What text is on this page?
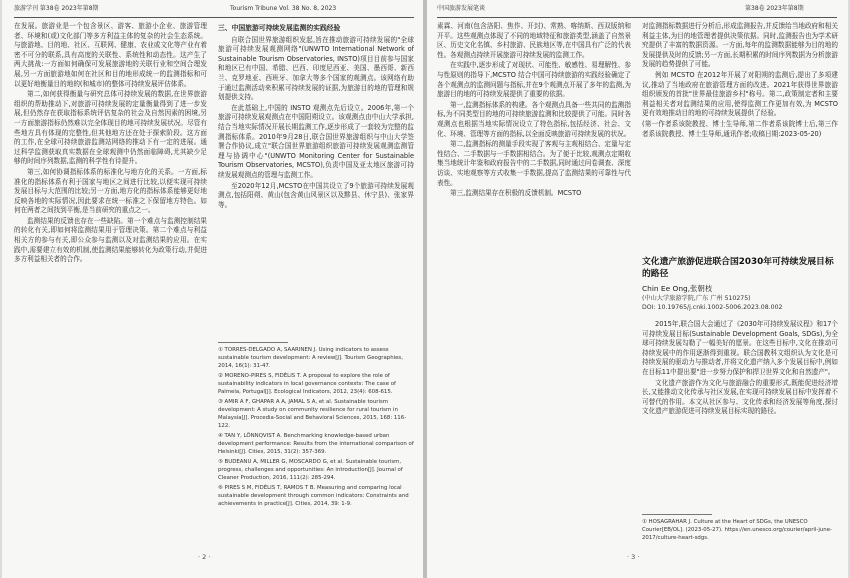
旅游学刊 第38卷 2023年第8期	Tourism Tribune Vol. 38 No. 8, 2023

在发展。旅游业是一个包含景区、游客、旅游小企业、旅游管理者、环境和(或)文化部门等多方利益主体的复杂的社会生态系统。与旅游地、目的地、社区、互联网、健康、农业或文化等产业有着密不可分的联系,具有高度的关联性、系统性和动态性。这产生了两大挑战:一方面如何确保可发展旅游地的关联行业和空间合理发展,另一方面旅游地如何在社区和目的地形成统一的监测指标和可以更好地衡量目的地的(和城市)的整体可持续发展评估体系。

第二,如何获得衡量与研究总体可持续发展的数据,在世界旅游组织的帮助推动下,对旅游可持续发展的定量衡量得到了进一步发展,但仍然存在获取指标系统评估复杂的社会及自然因素的困境,另一方面旅游指标仍然难以完全体现目的地可持续发展状况。尽管有些地方具有体现的完整性,但其他地方还在处于探索阶段。这方面的工作,在全球可持续旅游监测站网络的推动下有一定的进展。通过科学监测获取真实数据在全球观测中仍然面临障碍,尤其缺少足够的时间序列数据,监测的科学性有待提升。

第三,如何协调指标体系的标准化与地方化的关系。一方面,标准化的指标体系有利于国家与地区之间进行比较,以便实现可持续发展目标与大范围的比较;另一方面,地方化的指标体系能够更好地反映各地的实际情况,因此要求在统一标准之下保留地方特色。如何在两者之间找到平衡,是当前研究的重点之一。

监测结果的反馈也存在一些缺陷。第一个难点与监测控制结果的转化有关,即如何将监测结果用于管理决策。第二个难点与利益相关方的参与有关,即公众参与监测以及对监测结果的应用。在实践中,需要建立有效的机制,使监测结果能够转化为政策行动,并促进多方利益相关者的合作。

三、中国旅游可持续发展监测的实践经验

自联合国世界旅游组织发起,旨在推动旅游可持续发展的"全球旅游可持续发展观测网络"(UNWTO International Network of Sustainable Tourism Observatories, INSTO)项目目前参与国家和地区已有中国、希腊、巴西、印度尼西亚、美国、墨西哥、新西兰、克罗地亚、西班牙、加拿大等多个国家的观测点。该网络有助于通过监测活动来积累可持续发展的证据,为旅游目的地的管理和规划提供支持。

在此基础上,中国的 INSTO 观测点先后设立。2006年,第一个旅游可持续发展观测点在中国阳朔设立。该观测点由中山大学承担,结合当地实际情况开展长期监测工作,逐步形成了一套较为完整的监测指标体系。2010年9月28日,联合国世界旅游组织与中山大学签署合作协议,成立"联合国世界旅游组织旅游可持续发展观测监测管理与协调中心"(UNWTO Monitoring Center for Sustainable Tourism Observatories, MCSTO),负责中国及亚太地区旅游可持续发展观测点的管理与监测工作。

至2020年12月,MCSTO在中国共设立了9个旅游可持续发展观测点,包括阳朔、黄山(包含黄山风景区以及黟县、休宁县)、张家界等。

① TORRES-DELGADO A, SAARINEN J. Using indicators to assess sustainable tourism development: A review[J]. Tourism Geographies, 2014, 16(1): 31-47.
② MORENO-PIRES S, FIDÉLIS T. A proposal to explore the role of sustainability indicators in local governance contexts: The case of Palmela, Portugal[J]. Ecological Indicators, 2012, 23(4): 608-615.
③ AMIR A F, GHAPAR A A, JAMAL S A, et al. Sustainable tourism development: A study on community resilience for rural tourism in Malaysia[J]. Procedia-Social and Behavioral Sciences, 2015, 168: 116-122.
④ TAN Y, LÖNNQVIST A. Benchmarking knowledge-based urban development performance: Results from the international comparison of Helsinki[J]. Cities, 2015, 31(2): 357-369.
⑤ BUDEANU A, MILLER G, MOSCARDO G, et al. Sustainable tourism, progress, challenges and opportunities: An introduction[J]. Journal of Cleaner Production, 2016, 111(2): 285-294.
⑥ PIRES S M, FIDÉLIS T, RAMOS T B. Measuring and comparing local sustainable development through common indicators: Constraints and achievements in practice[J]. Cities, 2014, 39: 1-9.
· 2 ·
中国旅游发展笔谈	第38卷 2023年第8期

素霖、河南(包含洛阳、焦作、开封)、常熟、喀纳斯、西双版纳和开平。这些观测点体现了不同的地域特征和旅游类型,涵盖了自然景区、历史文化名镇、乡村旅游、民族地区等,在中国具有广泛的代表性。各观测点持续开展旅游可持续发展的监测工作。

在实践中,逐步形成了对现状、可能性、敏感性、易理解性、参与性原则的指导下,MCSTO 结合中国可持续旅游的实践经验确定了各个观测点的监测问题与指标,并在9个观测点开展了多年的监测,为旅游目的地的可持续发展提供了重要的依据。

第一,监测指标体系的构建。各个观测点具备一些共同的监测指标,为不同类型目的地的可持续旅游监测和比较提供了可能。同时各观测点也根据当地实际情况设立了特色指标,包括经济、社会、文化、环境、管理等方面的指标,以全面反映旅游可持续发展的状况。

第二,监测指标的测量手段实现了客观与主观相结合、定量与定性结合、二手数据与一手数据相结合。为了便于比较,观测点定期收集当地统计年鉴和政府报告中的二手数据,同时通过问卷调查、深度访谈、实地观察等方式收集一手数据,提高了监测结果的可靠性与代表性。

第三,监测结果存在积极的反馈机制。MCSTO

对监测指标数据进行分析后,形成监测报告,并反馈给当地政府和相关利益主体,为目的地管理者提供决策依据。同时,监测报告也为学术研究提供了丰富的数据资源。一方面,每年的监测数据能够为目的地的发展提供及时的反馈;另一方面,长期积累的时间序列数据为分析旅游发展的趋势提供了可能。

例如 MCSTO 在2012年开展了对阳朔的监测后,提出了多项建议,推动了当地政府在旅游管理方面的改进。2021年获得世界旅游组织颁发的首批"世界最佳旅游乡村"称号。第二,政策制定者和主要利益相关者对监测结果的应用,使得监测工作更加有效,为 MCSTO 更有效地推动目的地的可持续发展提供了经验。

(第一作者系该院教授、博士生导师,第二作者系该院博士后,第三作者系该院教授、博士生导师,通讯作者;收稿日期:2023-05-20)

文化遗产旅游促进联合国2030年可持续发展目标的路径
Chin Ee Ong,张朝枝
(中山大学旅游学院,广东 广州 510275)
DOI: 10.19765/j.cnki.1002-5006.2023.08.002

2015年,联合国大会通过了《2030年可持续发展议程》和17个可持续发展目标(Sustainable Development Goals, SDGs),为全球可持续发展勾勒了一幅美好的愿景。在这些目标中,文化在推动可持续发展中的作用逐渐得到重视。联合国教科文组织认为文化是可持续发展的驱动力与推动者,并将文化遗产纳入多个发展目标中,例如在目标11中提出要"进一步努力保护和捍卫世界文化和自然遗产"。

文化遗产旅游作为文化与旅游融合的重要形式,既能促进经济增长,又能推动文化传承与社区发展,在实现可持续发展目标中发挥着不可替代的作用。本文从社区参与、文化传承和经济发展等角度,探讨文化遗产旅游促进可持续发展目标实现的路径。

① HOSAGRAHAR J. Culture at the Heart of SDGs, the UNESCO Courier[EB/OL]. (2023-05-27). https://en.unesco.org/courier/april-june-2017/culture-heart-sdgs.
· 3 ·
